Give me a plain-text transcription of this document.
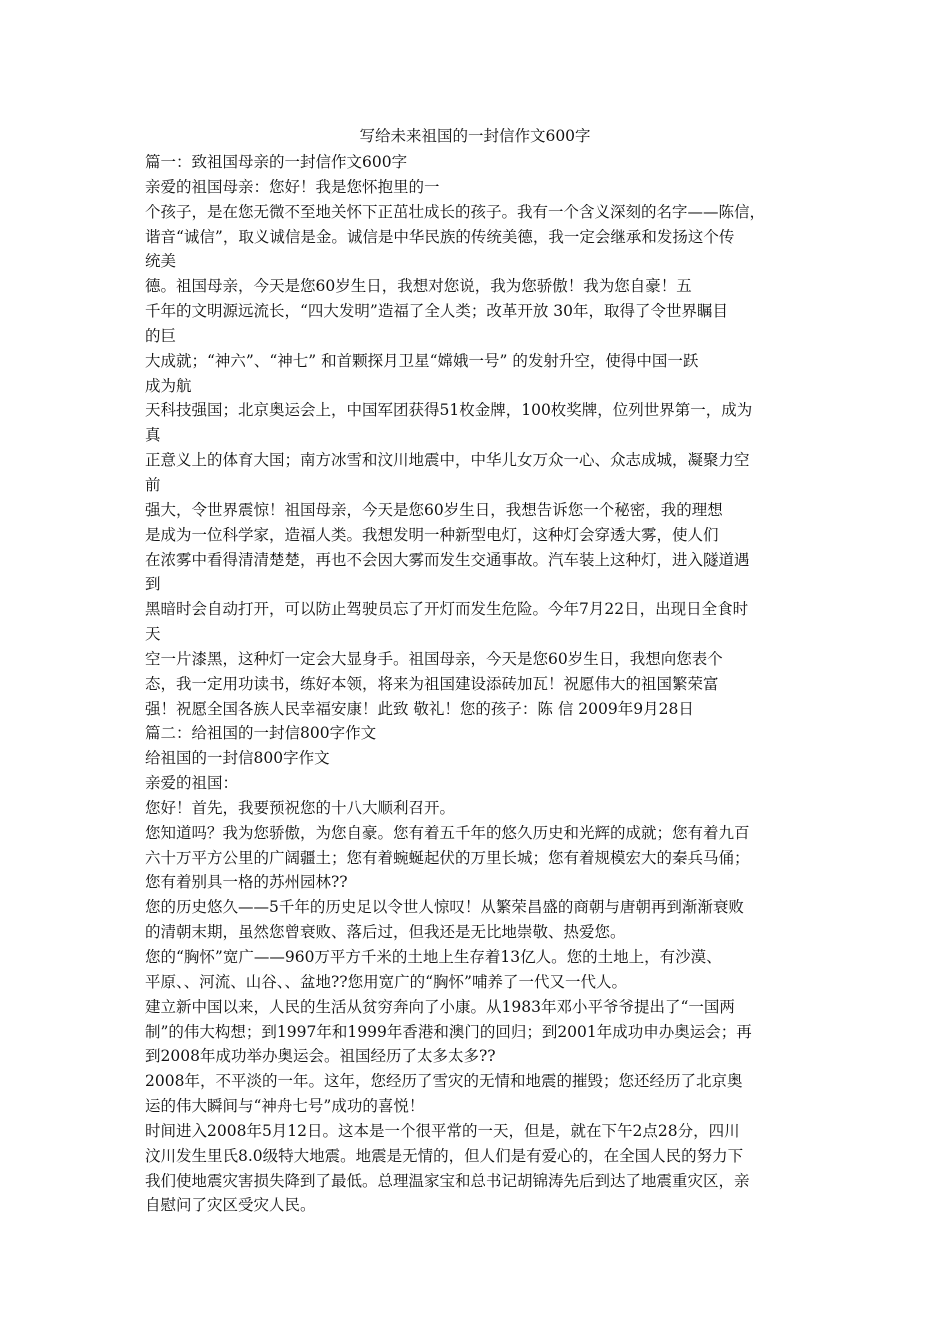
写给未来祖国的一封信作文600字
篇一：致祖国母亲的一封信作文600字
亲爱的祖国母亲：您好！我是您怀抱里的一
个孩子，是在您无微不至地关怀下正茁壮成长的孩子。我有一个含义深刻的名字——陈信，
谐音“诚信”，取义诚信是金。诚信是中华民族的传统美德，我一定会继承和发扬这个传
统美
德。祖国母亲，今天是您60岁生日，我想对您说，我为您骄傲！我为您自豪！五
千年的文明源远流长，“四大发明”造福了全人类；改革开放 30年，取得了令世界瞩目
的巨
大成就；“神六”、“神七” 和首颗探月卫星“嫦娥一号” 的发射升空，使得中国一跃
成为航
天科技强国；北京奥运会上，中国军团获得51枚金牌，100枚奖牌，位列世界第一，成为
真
正意义上的体育大国；南方冰雪和汶川地震中，中华儿女万众一心、众志成城，凝聚力空
前
强大，令世界震惊！祖国母亲，今天是您60岁生日，我想告诉您一个秘密，我的理想
是成为一位科学家，造福人类。我想发明一种新型电灯，这种灯会穿透大雾，使人们
在浓雾中看得清清楚楚，再也不会因大雾而发生交通事故。汽车装上这种灯，进入隧道遇
到
黑暗时会自动打开，可以防止驾驶员忘了开灯而发生危险。今年7月22日，出现日全食时
天
空一片漆黑，这种灯一定会大显身手。祖国母亲，今天是您60岁生日，我想向您表个
态，我一定用功读书，练好本领，将来为祖国建设添砖加瓦！祝愿伟大的祖国繁荣富
强！祝愿全国各族人民幸福安康！此致 敬礼！您的孩子：陈 信 2009年9月28日
篇二：给祖国的一封信800字作文
给祖国的一封信800字作文
亲爱的祖国：
您好！首先，我要预祝您的十八大顺利召开。
您知道吗？我为您骄傲，为您自豪。您有着五千年的悠久历史和光辉的成就；您有着九百
六十万平方公里的广阔疆土；您有着蜿蜒起伏的万里长城；您有着规模宏大的秦兵马俑；
您有着别具一格的苏州园林??
您的历史悠久——5千年的历史足以令世人惊叹！从繁荣昌盛的商朝与唐朝再到渐渐衰败
的清朝末期，虽然您曾衰败、落后过，但我还是无比地崇敬、热爱您。
您的“胸怀”宽广——960万平方千米的土地上生存着13亿人。您的土地上，有沙漠、
平原、、河流、山谷、、盆地??您用宽广的“胸怀”哺养了一代又一代人。
建立新中国以来，人民的生活从贫穷奔向了小康。从1983年邓小平爷爷提出了“一国两
制”的伟大构想；到1997年和1999年香港和澳门的回归；到2001年成功申办奥运会；再
到2008年成功举办奥运会。祖国经历了太多太多??
2008年，不平淡的一年。这年，您经历了雪灾的无情和地震的摧毁；您还经历了北京奥
运的伟大瞬间与“神舟七号”成功的喜悦！
时间进入2008年5月12日。这本是一个很平常的一天，但是，就在下午2点28分，四川
汶川发生里氏8.0级特大地震。地震是无情的，但人们是有爱心的，在全国人民的努力下
我们使地震灾害损失降到了最低。总理温家宝和总书记胡锦涛先后到达了地震重灾区，亲
自慰问了灾区受灾人民。
